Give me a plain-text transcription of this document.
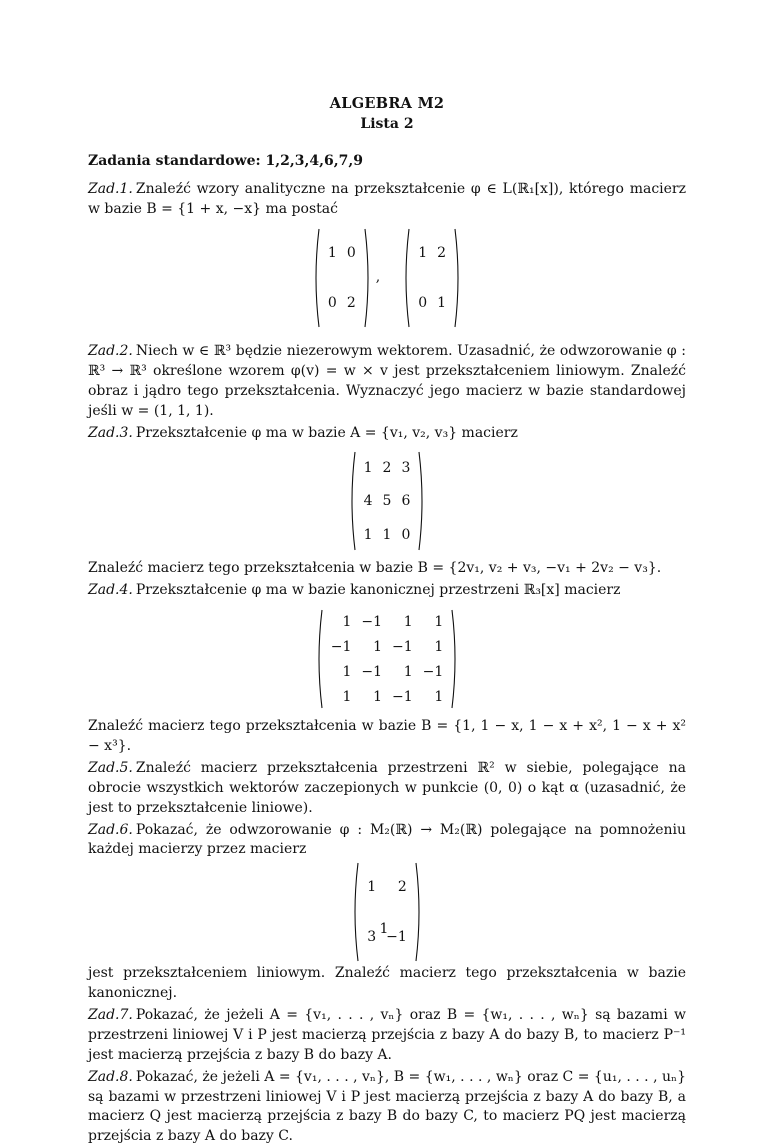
ALGEBRA M2
Lista 2
Zadania standardowe: 1,2,3,4,6,7,9

Zad.1. Znaleźć wzory analityczne na przekształcenie φ ∈ L(ℝ₁[x]), którego macierz w bazie B = {1 + x, −x} ma postać

1	0
0	2
,
1	2
0	1

Zad.2. Niech w ∈ ℝ³ będzie niezerowym wektorem. Uzasadnić, że odwzorowanie φ : ℝ³ → ℝ³ określone wzorem φ(v) = w × v jest przekształceniem liniowym. Znaleźć obraz i jądro tego przekształcenia. Wyznaczyć jego macierz w bazie standardowej jeśli w = (1, 1, 1).

Zad.3. Przekształcenie φ ma w bazie A = {v₁, v₂, v₃} macierz

1	2	3
4	5	6
1	1	0

Znaleźć macierz tego przekształcenia w bazie B = {2v₁, v₂ + v₃, −v₁ + 2v₂ − v₃}.

Zad.4. Przekształcenie φ ma w bazie kanonicznej przestrzeni ℝ₃[x] macierz

1	−1	1	1
−1	1	−1	1
1	−1	1	−1
1	1	−1	1

Znaleźć macierz tego przekształcenia w bazie B = {1, 1 − x, 1 − x + x², 1 − x + x² − x³}.

Zad.5. Znaleźć macierz przekształcenia przestrzeni ℝ² w siebie, polegające na obrocie wszystkich wektorów zaczepionych w punkcie (0, 0) o kąt α (uzasadnić, że jest to przekształcenie liniowe).

Zad.6. Pokazać, że odwzorowanie φ : M₂(ℝ) → M₂(ℝ) polegające na pomnożeniu każdej macierzy przez macierz

1	2
3	−1

jest przekształceniem liniowym. Znaleźć macierz tego przekształcenia w bazie kanonicznej.

Zad.7. Pokazać, że jeżeli A = {v₁, . . . , vₙ} oraz B = {w₁, . . . , wₙ} są bazami w przestrzeni liniowej V i P jest macierzą przejścia z bazy A do bazy B, to macierz P⁻¹ jest macierzą przejścia z bazy B do bazy A.

Zad.8. Pokazać, że jeżeli A = {v₁, . . . , vₙ}, B = {w₁, . . . , wₙ} oraz C = {u₁, . . . , uₙ} są bazami w przestrzeni liniowej V i P jest macierzą przejścia z bazy A do bazy B, a macierz Q jest macierzą przejścia z bazy B do bazy C, to macierz PQ jest macierzą przejścia z bazy A do bazy C.

1
